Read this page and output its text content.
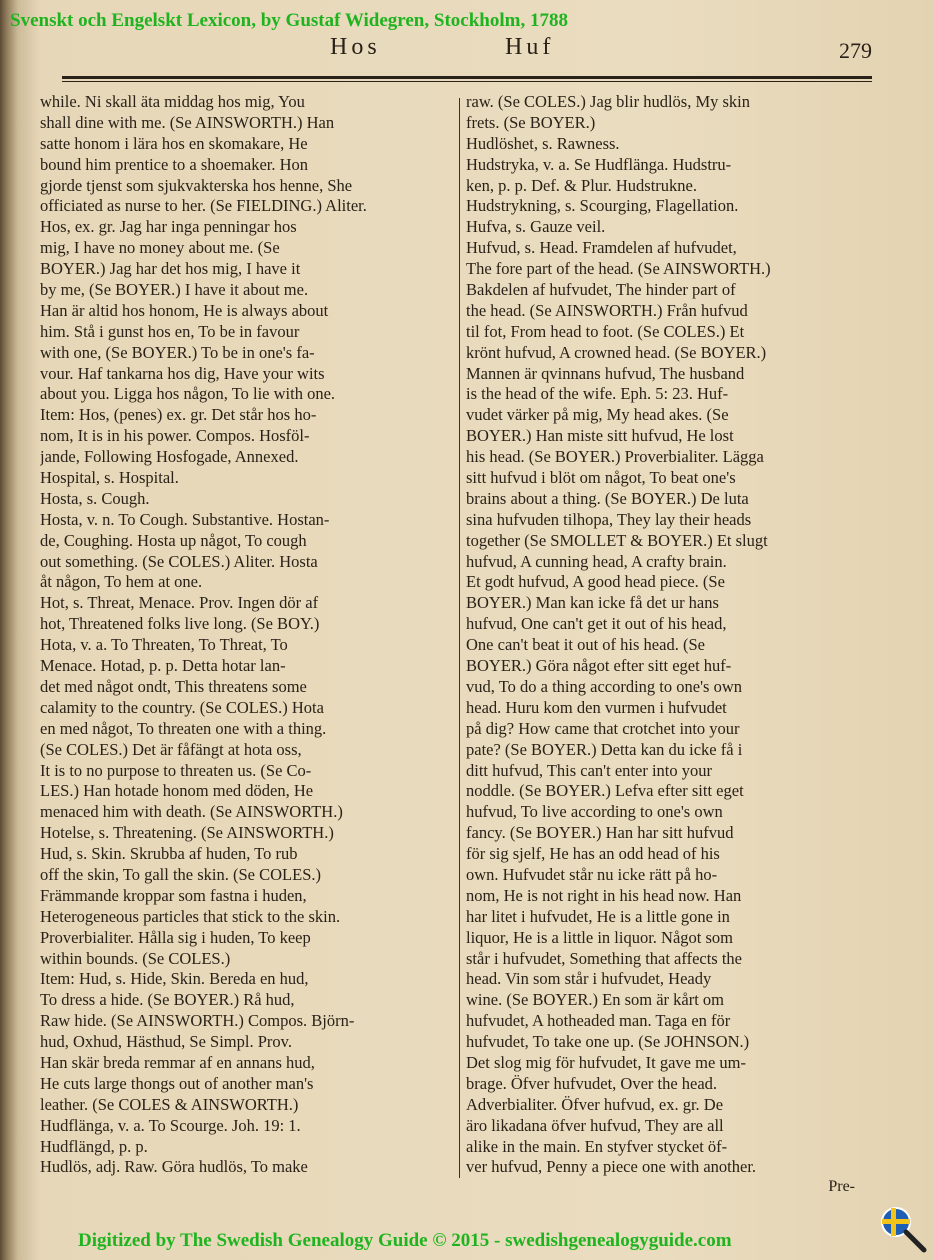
Svenskt och Engelskt Lexicon, by Gustaf Widegren, Stockholm, 1788
Hos	Huf	279
while. Ni skall äta middag hos mig, You
shall dine with me. (Se AINSWORTH.) Han
satte honom i lära hos en skomakare, He
bound him prentice to a shoemaker. Hon
gjorde tjenst som sjukvakterska hos henne, She
officiated as nurse to her. (Se FIELDING.) Aliter.
Hos, ex. gr. Jag har inga penningar hos
mig, I have no money about me. (Se
BOYER.) Jag har det hos mig, I have it
by me, (Se BOYER.) I have it about me.
Han är altid hos honom, He is always about
him. Stå i gunst hos en, To be in favour
with one, (Se BOYER.) To be in one's fa-
vour. Haf tankarna hos dig, Have your wits
about you. Ligga hos någon, To lie with one.
Item: Hos, (penes) ex. gr. Det står hos ho-
nom, It is in his power. Compos. Hosföl-
jande, Following Hosfogade, Annexed.
Hospital, s. Hospital.
Hosta, s. Cough.
Hosta, v. n. To Cough. Substantive. Hostan-
de, Coughing. Hosta up något, To cough
out something. (Se COLES.) Aliter. Hosta
åt någon, To hem at one.
Hot, s. Threat, Menace. Prov. Ingen dör af
hot, Threatened folks live long. (Se BOY.)
Hota, v. a. To Threaten, To Threat, To
Menace. Hotad, p. p. Detta hotar lan-
det med något ondt, This threatens some
calamity to the country. (Se COLES.) Hota
en med något, To threaten one with a thing.
(Se COLES.) Det är fåfängt at hota oss,
It is to no purpose to threaten us. (Se Co-
LES.) Han hotade honom med döden, He
menaced him with death. (Se AINSWORTH.)
Hotelse, s. Threatening. (Se AINSWORTH.)
Hud, s. Skin. Skrubba af huden, To rub
off the skin, To gall the skin. (Se COLES.)
Främmande kroppar som fastna i huden,
Heterogeneous particles that stick to the skin.
Proverbialiter. Hålla sig i huden, To keep
within bounds. (Se COLES.)
Item: Hud, s. Hide, Skin. Bereda en hud,
To dress a hide. (Se BOYER.) Rå hud,
Raw hide. (Se AINSWORTH.) Compos. Björn-
hud, Oxhud, Hästhud, Se Simpl. Prov.
Han skär breda remmar af en annans hud,
He cuts large thongs out of another man's
leather. (Se COLES & AINSWORTH.)
Hudflänga, v. a. To Scourge. Joh. 19: 1.
Hudflängd, p. p.
Hudlös, adj. Raw. Göra hudlös, To make
raw. (Se COLES.) Jag blir hudlös, My skin
frets. (Se BOYER.)
Hudlöshet, s. Rawness.
Hudstryka, v. a. Se Hudflänga. Hudstru-
ken, p. p. Def. & Plur. Hudstrukne.
Hudstrykning, s. Scourging, Flagellation.
Hufva, s. Gauze veil.
Hufvud, s. Head. Framdelen af hufvudet,
The fore part of the head. (Se AINSWORTH.)
Bakdelen af hufvudet, The hinder part of
the head. (Se AINSWORTH.) Från hufvud
til fot, From head to foot. (Se COLES.) Et
krönt hufvud, A crowned head. (Se BOYER.)
Mannen är qvinnans hufvud, The husband
is the head of the wife. Eph. 5: 23. Huf-
vudet värker på mig, My head akes. (Se
BOYER.) Han miste sitt hufvud, He lost
his head. (Se BOYER.) Proverbialiter. Lägga
sitt hufvud i blöt om något, To beat one's
brains about a thing. (Se BOYER.) De luta
sina hufvuden tilhopa, They lay their heads
together (Se SMOLLET & BOYER.) Et slugt
hufvud, A cunning head, A crafty brain.
Et godt hufvud, A good head piece. (Se
BOYER.) Man kan icke få det ur hans
hufvud, One can't get it out of his head,
One can't beat it out of his head. (Se
BOYER.) Göra något efter sitt eget huf-
vud, To do a thing according to one's own
head. Huru kom den vurmen i hufvudet
på dig? How came that crotchet into your
pate? (Se BOYER.) Detta kan du icke få i
ditt hufvud, This can't enter into your
noddle. (Se BOYER.) Lefva efter sitt eget
hufvud, To live according to one's own
fancy. (Se BOYER.) Han har sitt hufvud
för sig sjelf, He has an odd head of his
own. Hufvudet står nu icke rätt på ho-
nom, He is not right in his head now. Han
har litet i hufvudet, He is a little gone in
liquor, He is a little in liquor. Något som
står i hufvudet, Something that affects the
head. Vin som står i hufvudet, Heady
wine. (Se BOYER.) En som är kårt om
hufvudet, A hotheaded man. Taga en för
hufvudet, To take one up. (Se JOHNSON.)
Det slog mig för hufvudet, It gave me um-
brage. Öfver hufvudet, Over the head.
Adverbialiter. Öfver hufvud, ex. gr. De
äro likadana öfver hufvud, They are all
alike in the main. En styfver stycket öf-
ver hufvud, Penny a piece one with another.
Pre-
Digitized by The Swedish Genealogy Guide © 2015 - swedishgenealogyguide.com
